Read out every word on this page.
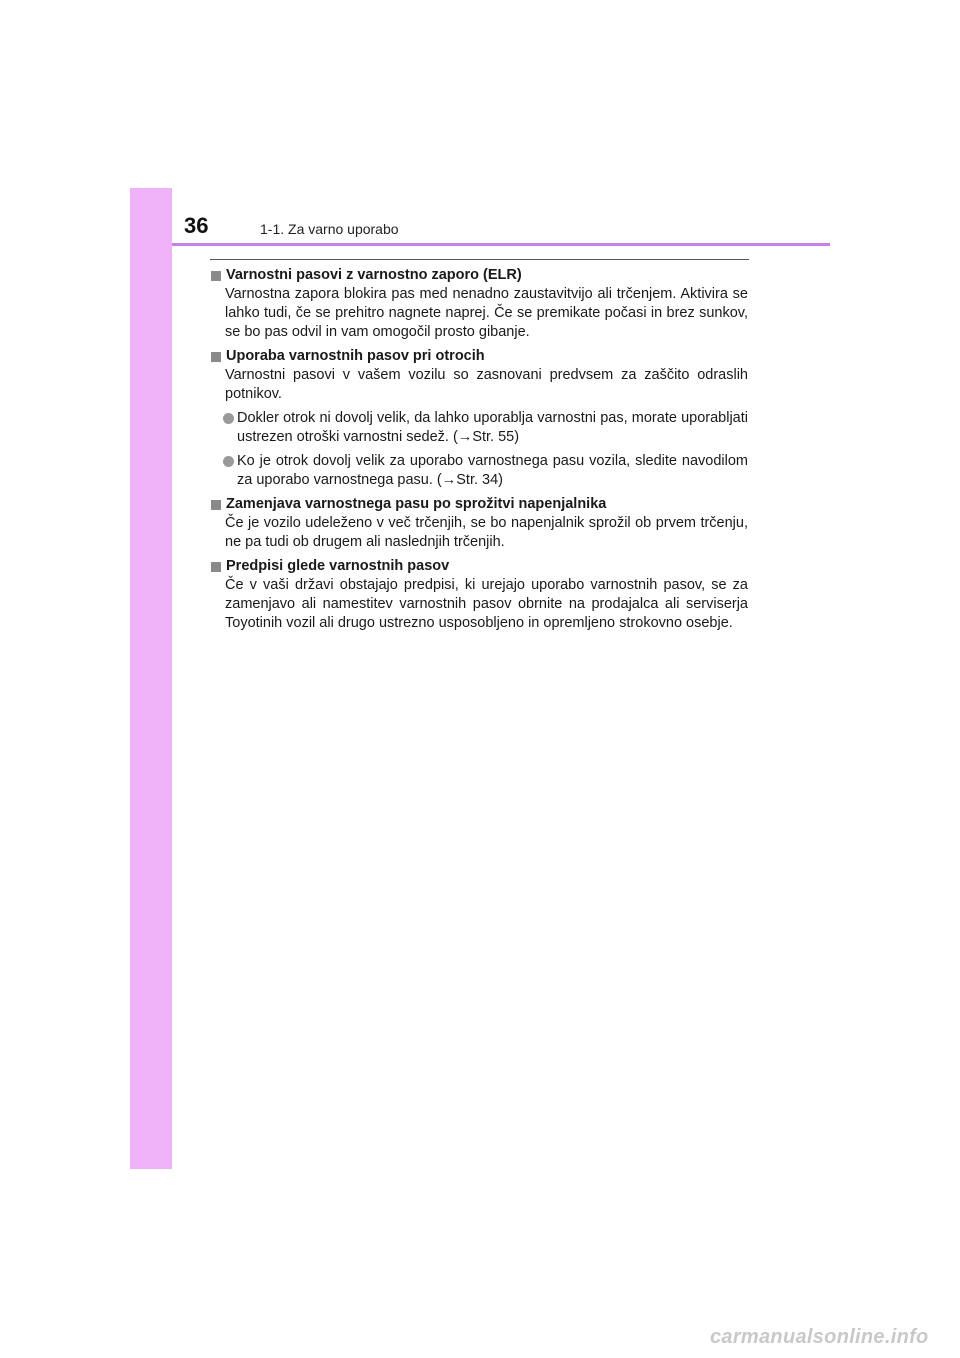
36	1-1. Za varno uporabo
Varnostni pasovi z varnostno zaporo (ELR)

Varnostna zapora blokira pas med nenadno zaustavitvijo ali trčenjem. Aktivira se lahko tudi, če se prehitro nagnete naprej. Če se premikate počasi in brez sunkov, se bo pas odvil in vam omogočil prosto gibanje.

Uporaba varnostnih pasov pri otrocih

Varnostni pasovi v vašem vozilu so zasnovani predvsem za zaščito odraslih potnikov.

Dokler otrok ni dovolj velik, da lahko uporablja varnostni pas, morate uporabljati ustrezen otroški varnostni sedež. (→Str. 55)
Ko je otrok dovolj velik za uporabo varnostnega pasu vozila, sledite navodilom za uporabo varnostnega pasu. (→Str. 34)
Zamenjava varnostnega pasu po sprožitvi napenjalnika

Če je vozilo udeleženo v več trčenjih, se bo napenjalnik sprožil ob prvem trčenju, ne pa tudi ob drugem ali naslednjih trčenjih.

Predpisi glede varnostnih pasov

Če v vaši državi obstajajo predpisi, ki urejajo uporabo varnostnih pasov, se za zamenjavo ali namestitev varnostnih pasov obrnite na prodajalca ali serviserja Toyotinih vozil ali drugo ustrezno usposobljeno in opremljeno strokovno osebje.

carmanualsonline.info
